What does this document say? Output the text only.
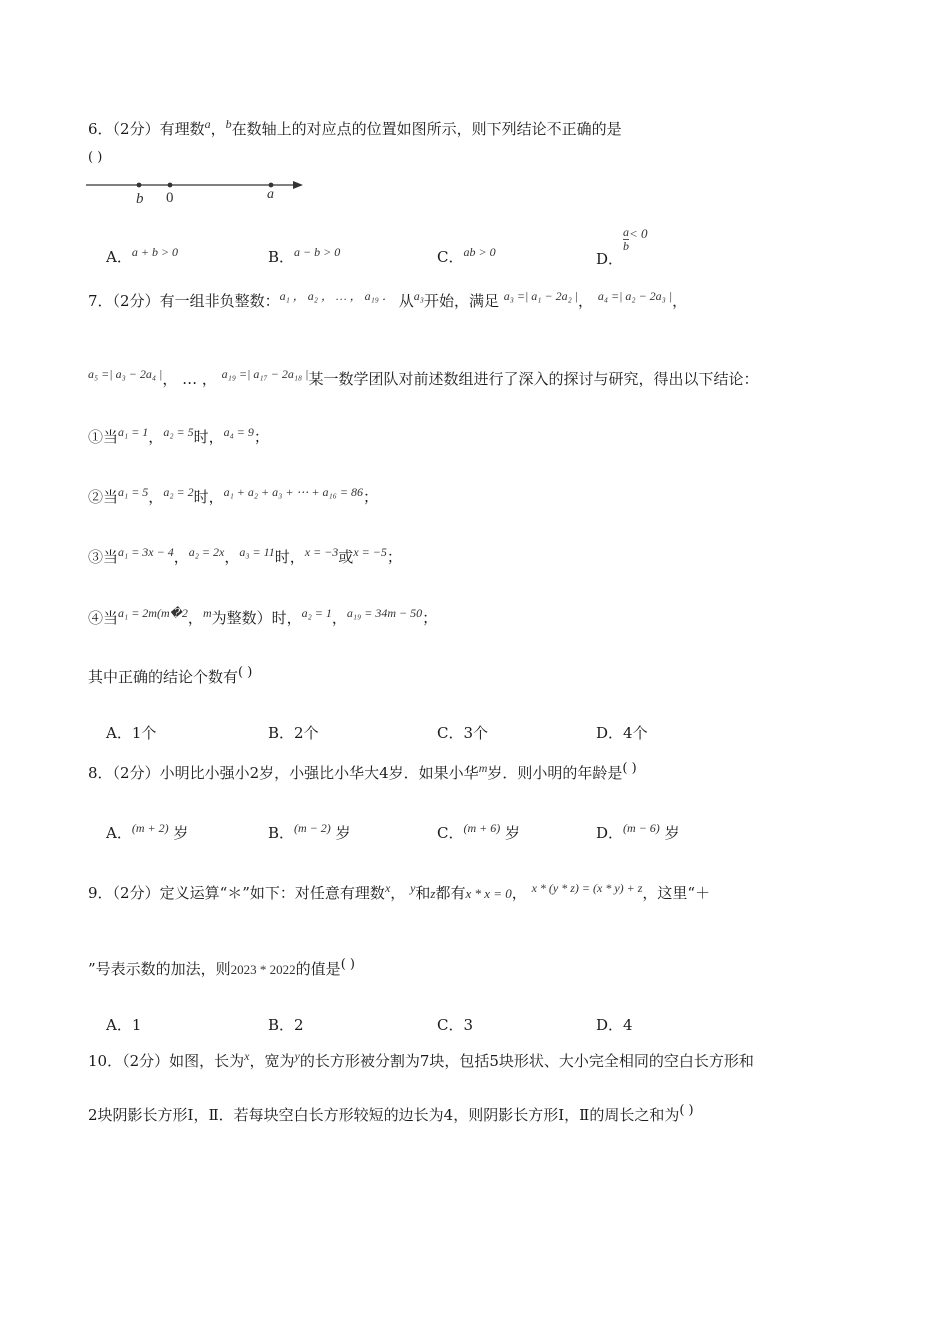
6．（2分）有理数$^a$，$^b$在数轴上的对应点的位置如图所示，则下列结论不正确的是
( )
b 0	a
A．$^{a + b > 0}$	B．$^{a - b > 0}$	C．$^{ab > 0}$	D．
$\frac{a}{b} < 0$
7．（2分）有一组非负整数：$^{a_1 , a_2 , \dots , a_{19} .}$ 从$^{a_3}$开始，满足 $^{a_3 =| a_1 - 2a_2 |}$， $^{a_4 =| a_2 - 2a_3 |}$，
$^{a_5 =| a_3 - 2a_4 |}$， … ， $^{a_{19} =| a_{17} - 2a_{18} |}$某一数学团队对前述数组进行了深入的探讨与研究，得出以下结论：
①当$^{a_1 = 1}$，$^{a_2 = 5}$时，$^{a_4 = 9}$；
②当$^{a_1 = 5}$，$^{a_2 = 2}$时，$^{a_1 + a_2 + a_3 + \cdots + a_{16} = 86}$；
③当$^{a_1 = 3x - 4}$，$^{a_2 = 2x}$，$^{a_3 = 11}$时，$^{x = -3}$或$^{x = -5}$；
④当$^{a_1 = 2m(m�2}$，$^m$为整数）时，$^{a_2 = 1}$，$^{a_{19} = 34m - 50}$；
其中正确的结论个数有( )
A．1个	B．2个	C．3个	D．4个
8．（2分）小明比小强小2岁，小强比小华大4岁．如果小华$^m$岁．则小明的年龄是( )
A．$^{(m + 2)}$ 岁	B．$^{(m - 2)}$ 岁	C．$^{(m + 6)}$ 岁	D．$^{(m - 6)}$ 岁
9．（2分）定义运算“＊”如下：对任意有理数$^x$， $^y$和z都有x * x = 0， $^{x * (y * z) = (x * y) + z}$，这里“＋
”号表示数的加法，则2023 * 2022的值是( )
A．1	B．2	C．3	D．4
10．（2分）如图，长为$^x$，宽为$^y$的长方形被分割为7块，包括5块形状、大小完全相同的空白长方形和
2块阴影长方形Ⅰ，Ⅱ．若每块空白长方形较短的边长为4，则阴影长方形Ⅰ，Ⅱ的周长之和为( )
